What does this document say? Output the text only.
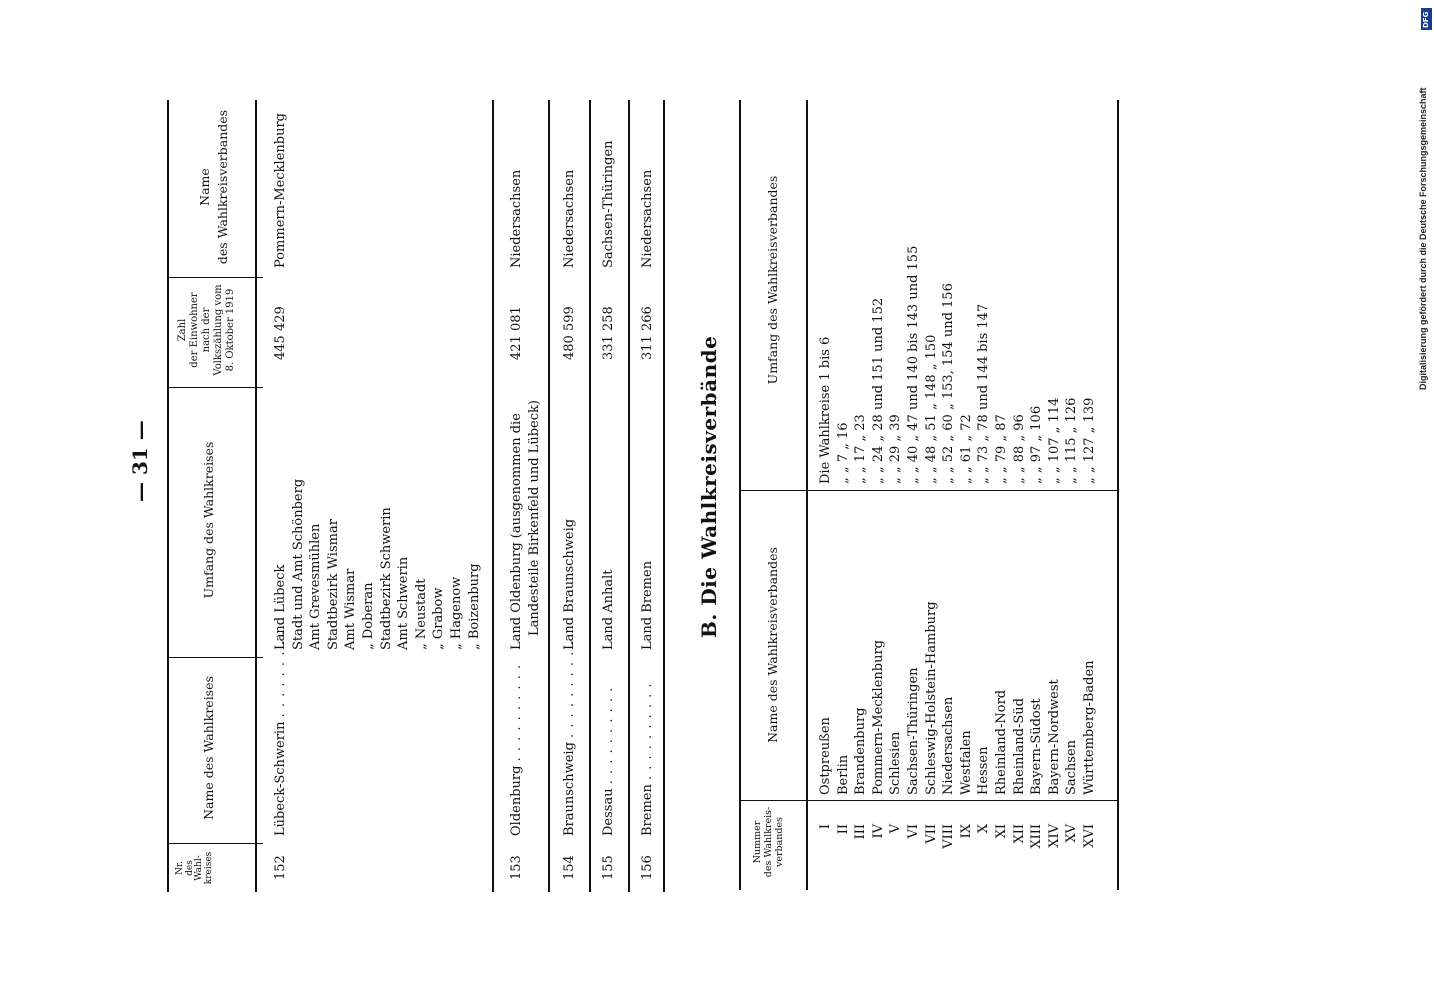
— 31 —
Nr. des Wahl- kreises
Name des Wahlkreises
Umfang des Wahlkreises
Zahl der Einwohner nach der Volkszählung vom 8. Oktober 1919
Name des Wahlkreisverbandes
152
Lübeck-Schwerin . . .
Land Lübeck Stadt und Amt Schönberg Amt Grevesmühlen Stadtbezirk Wismar Amt Wismar „ Doberan Stadtbezirk Schwerin Amt Schwerin „ Neustadt „ Grabow „ Hagenow „ Boizenburg
445 429
Pommern-Mecklenburg
153
Oldenburg . . .
Land Oldenburg (ausgenommen die Landesteile Birkenfeld und Lübeck)
421 081
Niedersachsen
154
Braunschweig . . .
Land Braunschweig
480 599
Niedersachsen
155
Dessau . . .
Land Anhalt
331 258
Sachsen-Thüringen
156
Bremen . . .
Land Bremen
311 266
Niedersachsen
B. Die Wahlkreisverbände
Nummer des Wahlkreis- verbandes
Name des Wahlkreisverbandes
Umfang des Wahlkreisverbandes
I II III IV V VI VII VIII IX X XI XII XIII XIV XV XVI
Ostpreußen Berlin Brandenburg Pommern-Mecklenburg Schlesien Sachsen-Thüringen Schleswig-Holstein-Hamburg Niedersachsen Westfalen Hessen Rheinland-Nord Rheinland-Süd Bayern-Südost Bayern-Nordwest Sachsen Württemberg-Baden
Die Wahlkreise 1 bis 6 „ „ 7 „ 16 „ „ 17 „ 23 „ „ 24 „ 28 und 151 und 152 „ „ 29 „ 39 „ „ 40 „ 47 und 140 bis 143 und 155 „ „ 48 „ 51 „ 148 „ 150 „ „ 52 „ 60 „ 153, 154 und 156 „ „ 61 „ 72 „ „ 73 „ 78 und 144 bis 147 „ „ 79 „ 87 „ „ 88 „ 96 „ „ 97 „ 106 „ „ 107 „ 114 „ „ 115 „ 126 „ „ 127 „ 139
Digitalisierung gefördert durch die Deutsche Forschungsgemeinschaft
DFG
